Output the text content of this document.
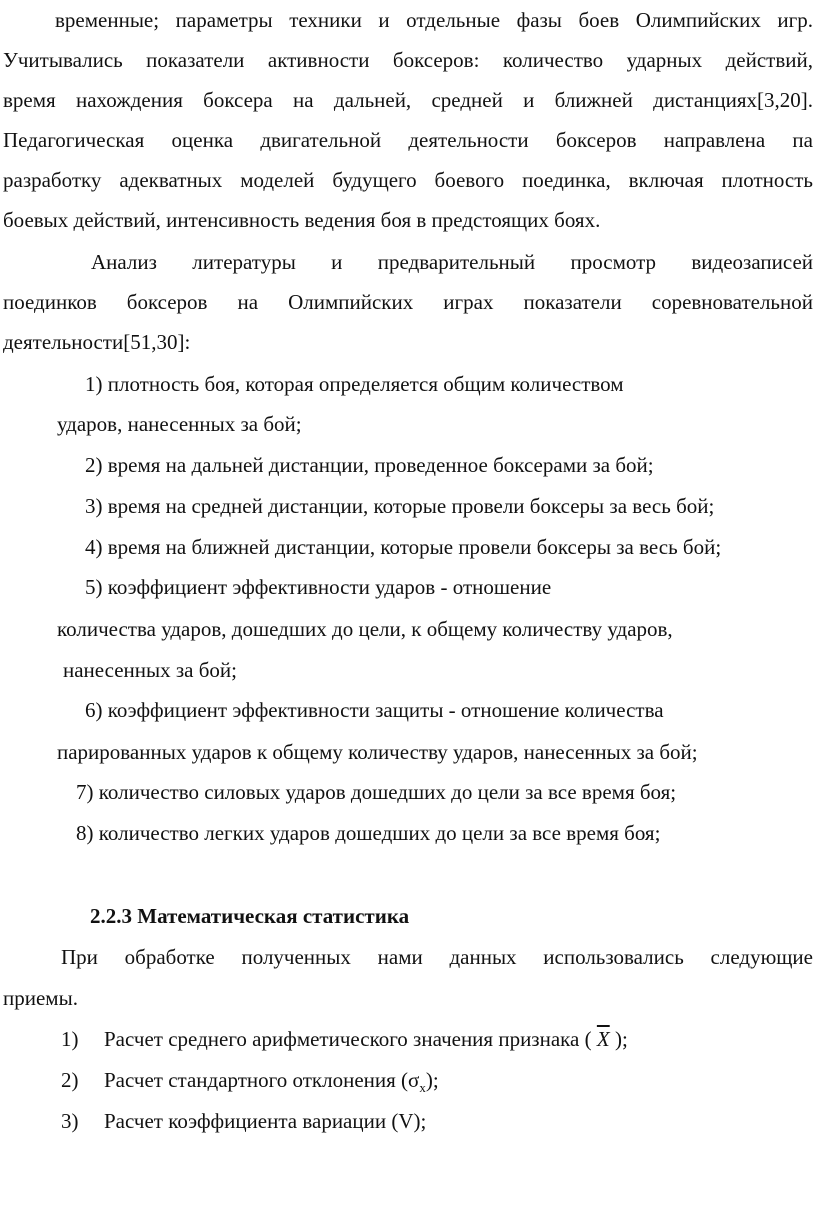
временные; параметры техники и отдельные фазы боев Олимпийских игр.
Учитывались показатели активности боксеров: количество ударных действий,
время нахождения боксера на дальней, средней и ближней дистанциях[3,20].
Педагогическая оценка двигательной деятельности боксеров направлена па
разработку адекватных моделей будущего боевого поединка, включая плотность
боевых действий, интенсивность ведения боя в предстоящих боях.
Анализ литературы и предварительный просмотр видеозаписей
поединков боксеров на Олимпийских играх показатели соревновательной
деятельности[51,30]:
1) плотность боя, которая определяется общим количеством
ударов, нанесенных за бой;
2) время на дальней дистанции, проведенное боксерами за бой;
3) время на средней дистанции, которые провели боксеры за весь бой;
4) время на ближней дистанции, которые провели боксеры за весь бой;
5) коэффициент эффективности ударов - отношение
количества ударов, дошедших до цели, к общему количеству ударов,
нанесенных за бой;
6) коэффициент эффективности защиты - отношение количества
парированных ударов к общему количеству ударов, нанесенных за бой;
7) количество силовых ударов дошедших до цели за все время боя;
8) количество легких ударов дошедших до цели за все время боя;
2.2.3 Математическая статистика
При обработке полученных нами данных использовались следующие
приемы.
1) Расчет среднего арифметического значения признака ( $\overline{X}$ );
2) Расчет стандартного отклонения $(\sigma_x)$;
3) Расчет коэффициента вариации (V);
